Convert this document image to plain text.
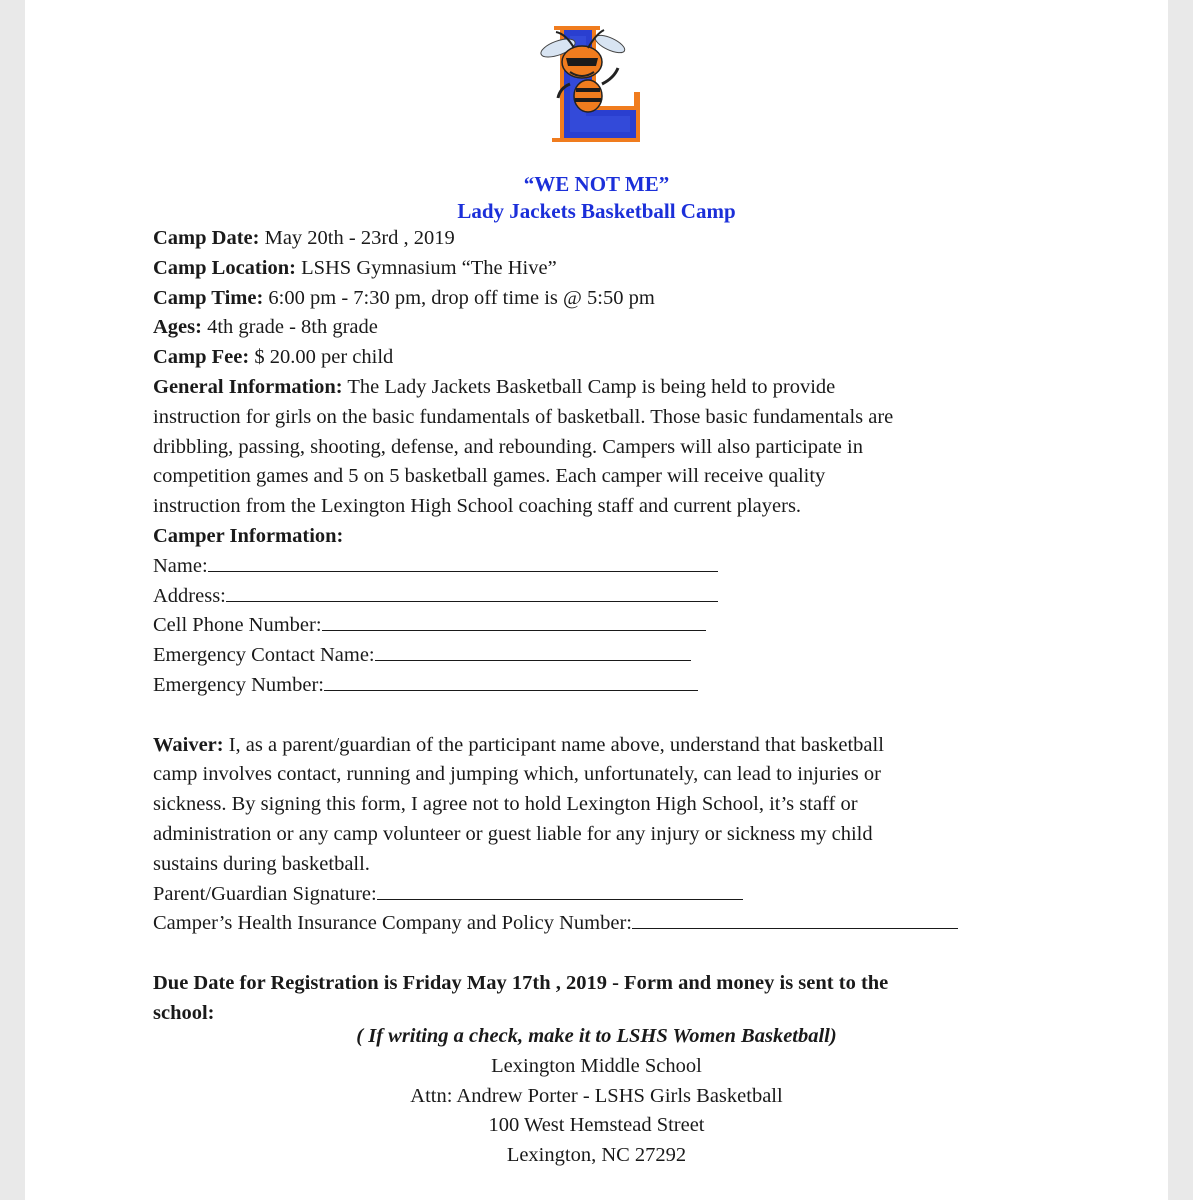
“WE NOT ME”
Lady Jackets Basketball Camp
Camp Date: May 20th - 23rd , 2019
Camp Location: LSHS Gymnasium “The Hive”
Camp Time: 6:00 pm - 7:30 pm, drop off time is @ 5:50 pm
Ages: 4th grade - 8th grade
Camp Fee: $ 20.00 per child
General Information: The Lady Jackets Basketball Camp is being held to provide
instruction for girls on the basic fundamentals of basketball. Those basic fundamentals are
dribbling, passing, shooting, defense, and rebounding. Campers will also participate in
competition games and 5 on 5 basketball games. Each camper will receive quality
instruction from the Lexington High School coaching staff and current players.
Camper Information:
Name:
Address:
Cell Phone Number:
Emergency Contact Name:
Emergency Number:
Waiver: I, as a parent/guardian of the participant name above, understand that basketball
camp involves contact, running and jumping which, unfortunately, can lead to injuries or
sickness. By signing this form, I agree not to hold Lexington High School, it’s staff or
administration or any camp volunteer or guest liable for any injury or sickness my child
sustains during basketball.
Parent/Guardian Signature:
Camper’s Health Insurance Company and Policy Number:
Due Date for Registration is Friday May 17th , 2019 - Form and money is sent to the
school:
( If writing a check, make it to LSHS Women Basketball)
Lexington Middle School
Attn: Andrew Porter - LSHS Girls Basketball
100 West Hemstead Street
Lexington, NC 27292
